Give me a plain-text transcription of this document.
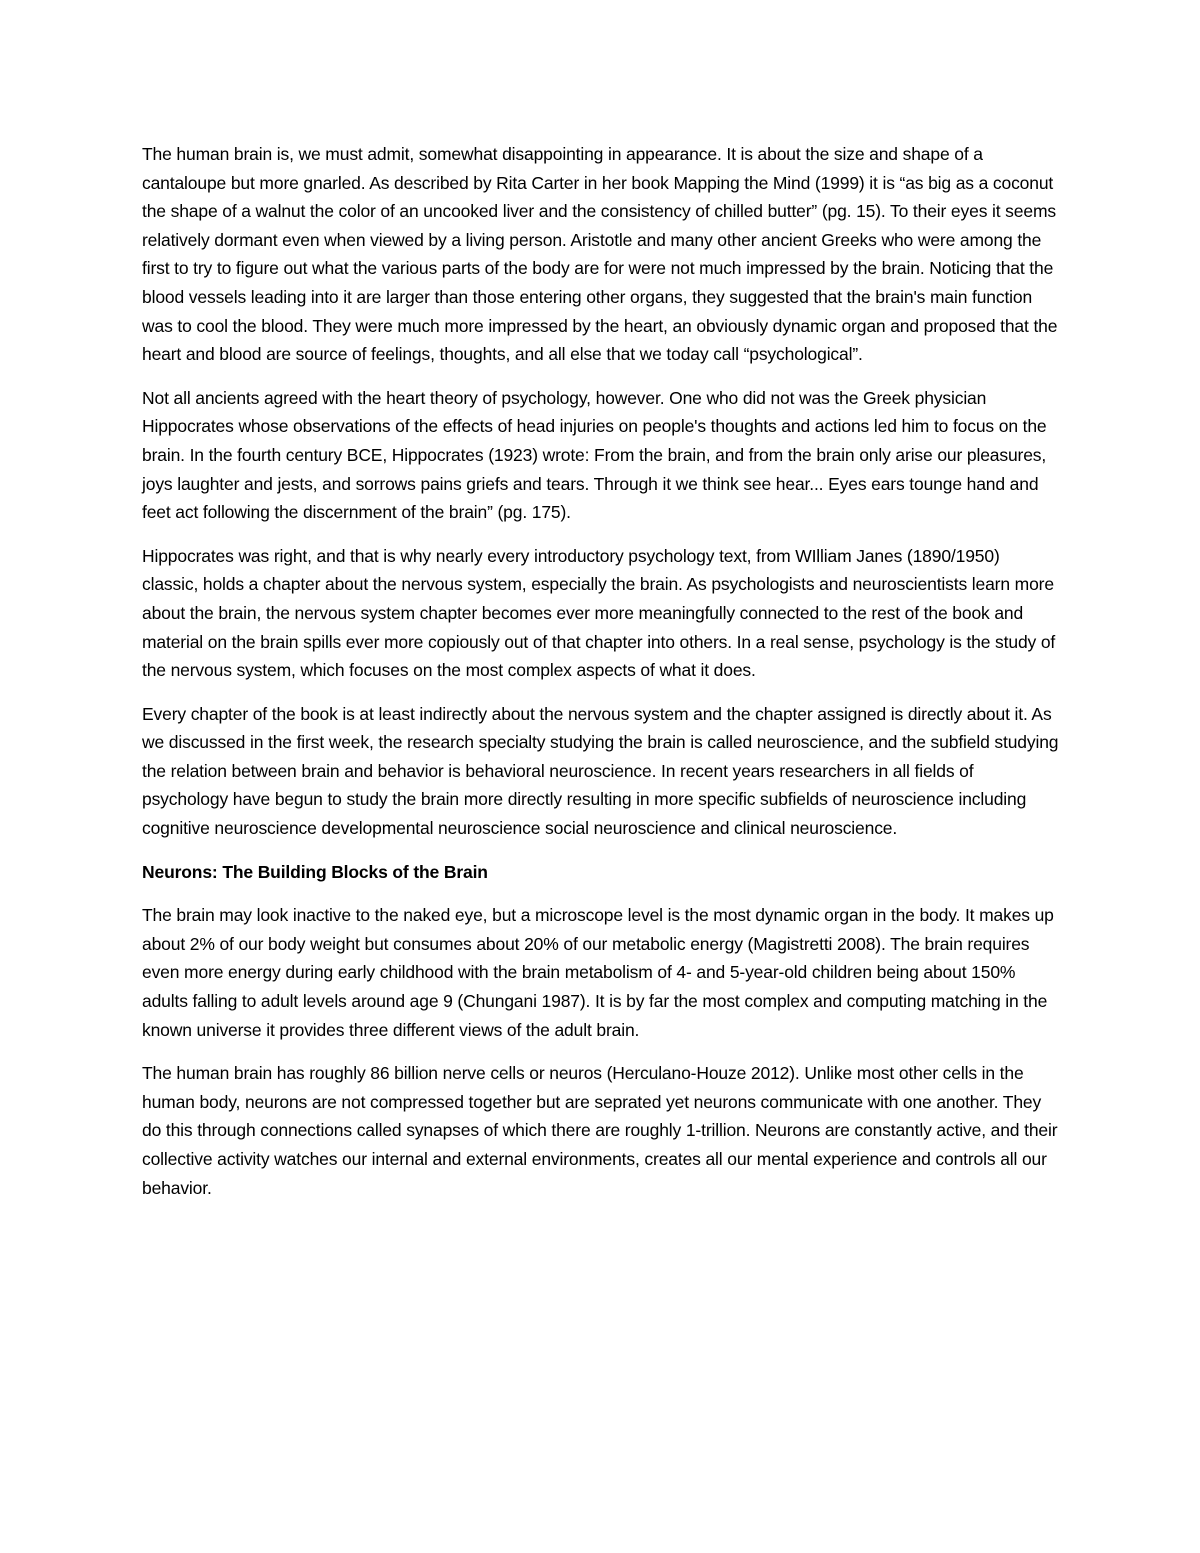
The human brain is, we must admit, somewhat disappointing in appearance. It is about the size and shape of a cantaloupe but more gnarled. As described by Rita Carter in her book Mapping the Mind (1999) it is “as big as a coconut the shape of a walnut the color of an uncooked liver and the consistency of chilled butter” (pg. 15). To their eyes it seems relatively dormant even when viewed by a living person. Aristotle and many other ancient Greeks who were among the first to try to figure out what the various parts of the body are for were not much impressed by the brain. Noticing that the blood vessels leading into it are larger than those entering other organs, they suggested that the brain's main function was to cool the blood. They were much more impressed by the heart, an obviously dynamic organ and proposed that the heart and blood are source of feelings, thoughts, and all else that we today call “psychological”.

Not all ancients agreed with the heart theory of psychology, however. One who did not was the Greek physician Hippocrates whose observations of the effects of head injuries on people's thoughts and actions led him to focus on the brain. In the fourth century BCE, Hippocrates (1923) wrote: From the brain, and from the brain only arise our pleasures, joys laughter and jests, and sorrows pains griefs and tears. Through it we think see hear... Eyes ears tounge hand and feet act following the discernment of the brain” (pg. 175).

Hippocrates was right, and that is why nearly every introductory psychology text, from WIlliam Janes (1890/1950) classic, holds a chapter about the nervous system, especially the brain. As psychologists and neuroscientists learn more about the brain, the nervous system chapter becomes ever more meaningfully connected to the rest of the book and material on the brain spills ever more copiously out of that chapter into others. In a real sense, psychology is the study of the nervous system, which focuses on the most complex aspects of what it does.

Every chapter of the book is at least indirectly about the nervous system and the chapter assigned is directly about it. As we discussed in the first week, the research specialty studying the brain is called neuroscience, and the subfield studying the relation between brain and behavior is behavioral neuroscience. In recent years researchers in all fields of psychology have begun to study the brain more directly resulting in more specific subfields of neuroscience including cognitive neuroscience developmental neuroscience social neuroscience and clinical neuroscience.

Neurons: The Building Blocks of the Brain

The brain may look inactive to the naked eye, but a microscope level is the most dynamic organ in the body. It makes up about 2% of our body weight but consumes about 20% of our metabolic energy (Magistretti 2008). The brain requires even more energy during early childhood with the brain metabolism of 4- and 5-year-old children being about 150% adults falling to adult levels around age 9 (Chungani 1987). It is by far the most complex and computing matching in the known universe it provides three different views of the adult brain.

The human brain has roughly 86 billion nerve cells or neuros (Herculano-Houze 2012). Unlike most other cells in the human body, neurons are not compressed together but are seprated yet neurons communicate with one another. They do this through connections called synapses of which there are roughly 1-trillion. Neurons are constantly active, and their collective activity watches our internal and external environments, creates all our mental experience and controls all our behavior.
